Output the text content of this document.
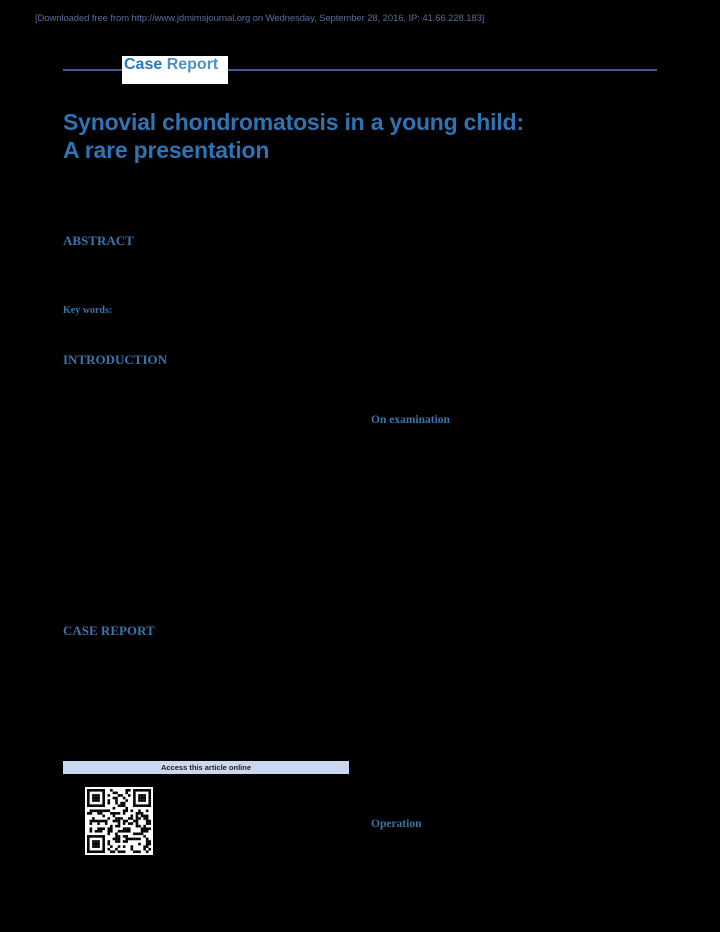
[Downloaded free from http://www.jdmimsjournal.org on Wednesday, September 28, 2016, IP: 41.66.228.183]
Case Report
Synovial chondromatosis in a young child:
A rare presentation
ABSTRACT
Key words:
INTRODUCTION
On examination
CASE REPORT
Operation
Access this article online
